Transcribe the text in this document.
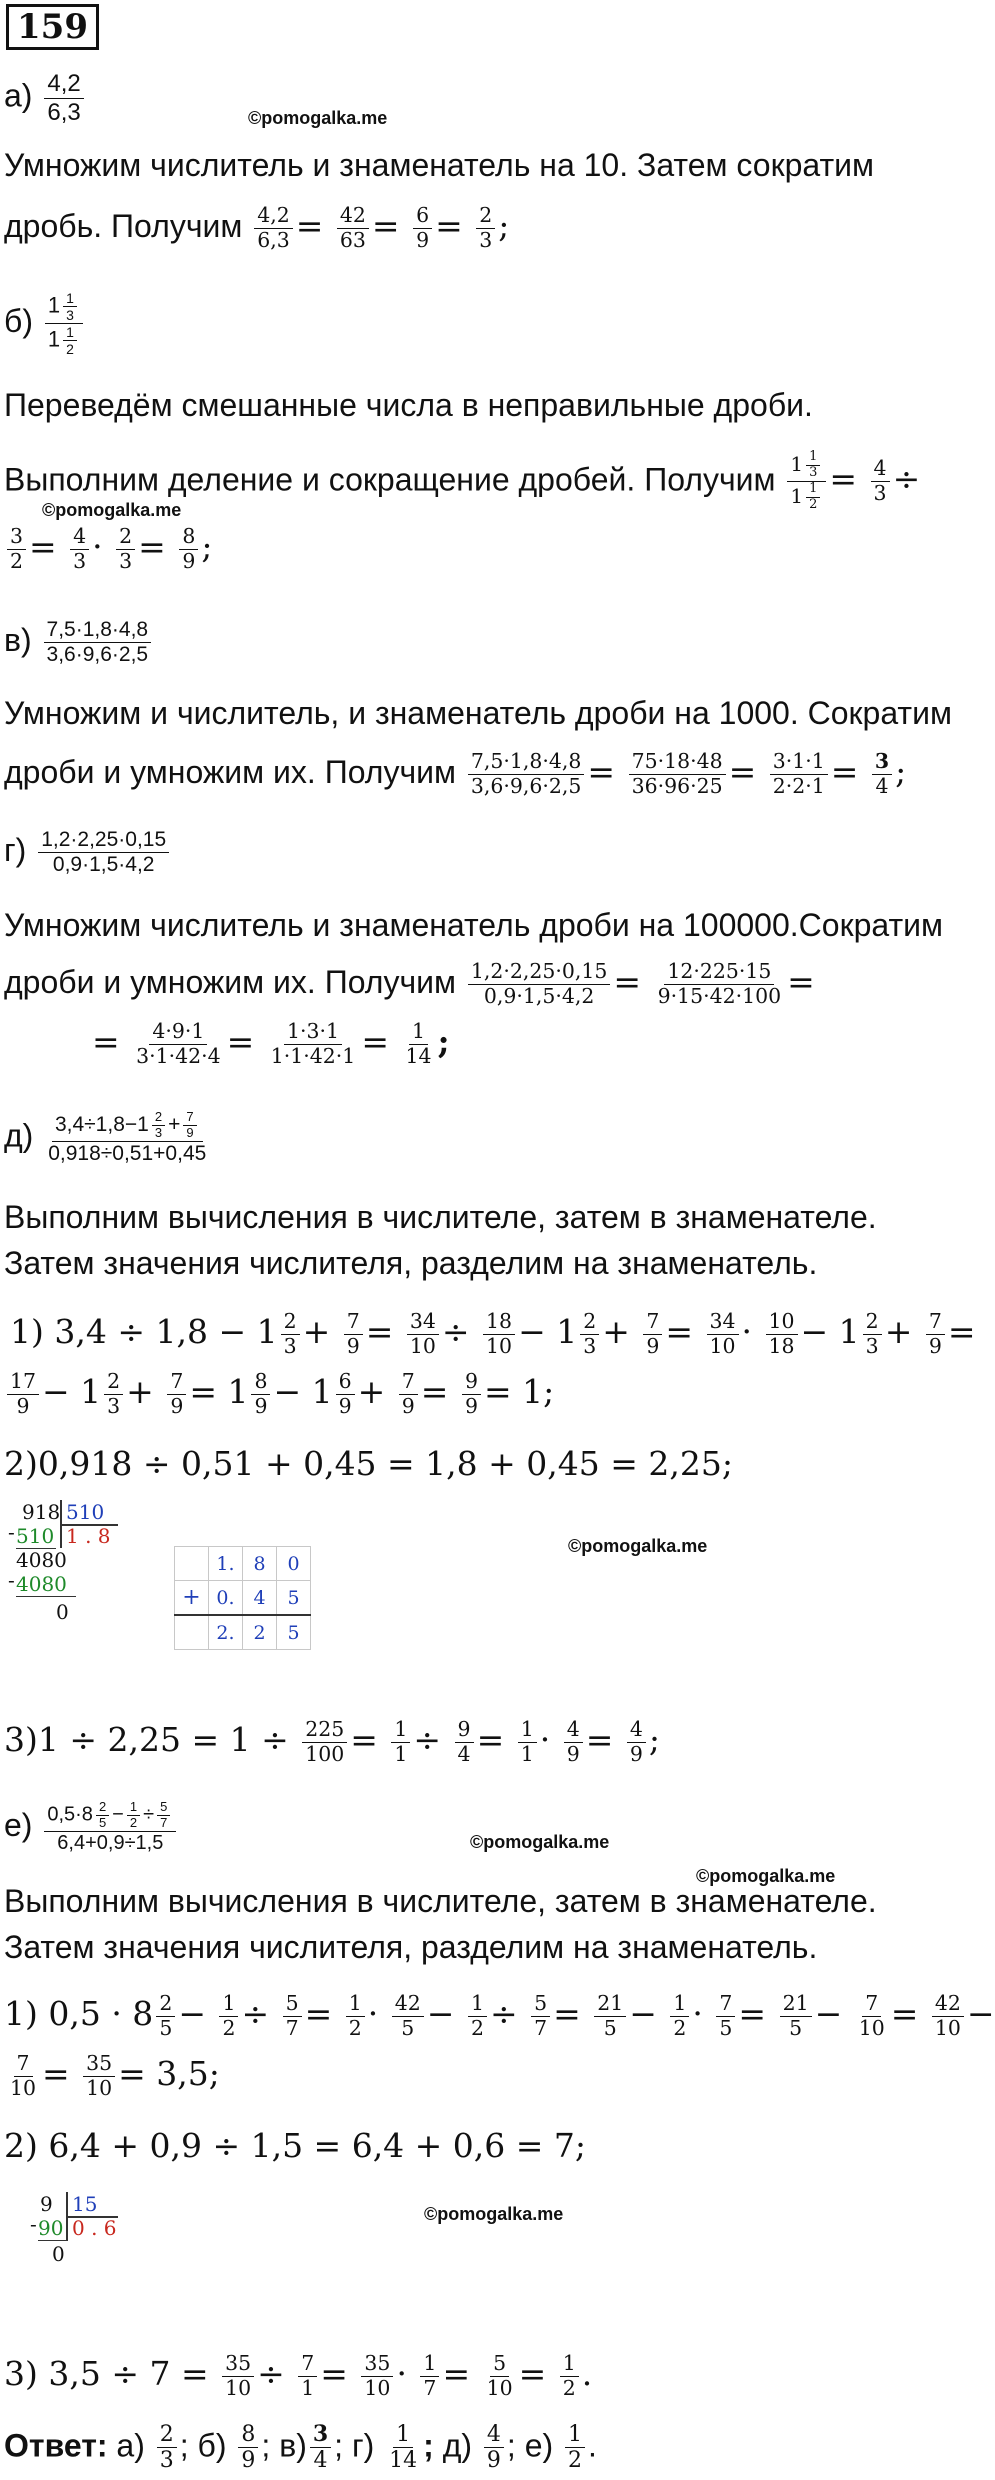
159
$а) \frac{4,2}{6,3}$	©pomogalka.me
Умножим числитель и знаменатель на 10. Затем сократим
дробь. Получим $\frac{4,2}{6,3} = \frac{42}{63} = \frac{6}{9} = \frac{2}{3}$ ;
$б) \frac{1 \frac{1}{3}}{1 \frac{1}{2}}$
Переведём смешанные числа в неправильные дроби.
Выполним деление и сокращение дробей. Получим $\frac{1 \frac{1}{3}}{1 \frac{1}{2}} = \frac{4}{3}$ ÷
©pomogalka.me
$\frac{3}{2} = \frac{4}{3} \cdot \frac{2}{3} = \frac{8}{9}$ ;
$в) \frac{7,5\cdot 1,8\cdot 4,8}{3,6\cdot 9,6\cdot 2,5}$
Умножим и числитель, и знаменатель дроби на 1000. Сократим
дроби и умножим их. Получим $\frac{7,5\cdot 1,8\cdot 4,8}{3,6\cdot 9,6\cdot 2,5} = \frac{75\cdot 18\cdot 48}{36\cdot 96\cdot 25} = \frac{3\cdot 1\cdot 1}{2\cdot 2\cdot 1} = \frac{3}{4}$ ;
$г) \frac{1,2\cdot 2,25\cdot 0,15}{0,9\cdot 1,5\cdot 4,2}$
Умножим числитель и знаменатель дроби на 100000.Сократим
дроби и умножим их. Получим $\frac{1,2\cdot 2,25\cdot 0,15}{0,9\cdot 1,5\cdot 4,2} = \frac{12\cdot 225\cdot 15}{9\cdot 15\cdot 42\cdot 100}$ =
= $\frac{4\cdot 9\cdot 1}{3\cdot 1\cdot 42\cdot 4} = \frac{1\cdot 3\cdot 1}{1\cdot 1\cdot 42\cdot 1} = \frac{1}{14}$ ;
$д) \frac{3,4\div 1,8-1 \frac{2}{3} + \frac{7}{9}}{0,918\div 0,51+0,45}$
Выполним вычисления в числителе, затем в знаменателе.
Затем значения числителя, разделим на знаменатель.
1) $3,4 \div 1,8 - 1 \frac{2}{3} + \frac{7}{9} = \frac{34}{10} \div \frac{18}{10} - 1 \frac{2}{3} + \frac{7}{9} = \frac{34}{10} \cdot \frac{10}{18} - 1 \frac{2}{3} + \frac{7}{9}$ =
$\frac{17}{9} - 1 \frac{2}{3} + \frac{7}{9} = 1 \frac{8}{9} - 1 \frac{6}{9} + \frac{7}{9} = \frac{9}{9} = 1$;
2)0,918 ÷ 0,51 + 0,45 = 1,8 + 0,45 = 2,25;
918 510
1 . 8
- 510
4080
- 4080
0
©pomogalka.me
	1.	8	0
+	0.	4	5
	2.	2	5
$3)1 \div 2,25 = 1 \div \frac{225}{100} = \frac{1}{1} \div \frac{9}{4} = \frac{1}{1} \cdot \frac{4}{9} = \frac{4}{9}$ ;
$е) \frac{0,5\cdot 8 \frac{2}{5} - \frac{1}{2} \div \frac{5}{7}}{6,4+0,9\div 1,5}$	©pomogalka.me
©pomogalka.me
Выполним вычисления в числителе, затем в знаменателе.
Затем значения числителя, разделим на знаменатель.
1) $0,5 \cdot 8 \frac{2}{5} - \frac{1}{2} \div \frac{5}{7} = \frac{1}{2} \cdot \frac{42}{5} - \frac{1}{2} \div \frac{5}{7} = \frac{21}{5} - \frac{1}{2} \cdot \frac{7}{5} = \frac{21}{5} - \frac{7}{10} = \frac{42}{10}$ −
$\frac{7}{10} = \frac{35}{10} = 3,5$;
2) 6,4 + 0,9 ÷ 1,5 = 6,4 + 0,6 = 7;
9 15
0 . 6
- 90
0
©pomogalka.me
3) $3,5 \div 7 = \frac{35}{10} \div \frac{7}{1} = \frac{35}{10} \cdot \frac{1}{7} = \frac{5}{10} = \frac{1}{2}$ .
Ответ: $а) \frac{2}{3}$ ; $б) \frac{8}{9}$ ; $в) \frac{3}{4}$ ; $г) \frac{1}{14}$ ; $д) \frac{4}{9}$ ; $е) \frac{1}{2}$ .
